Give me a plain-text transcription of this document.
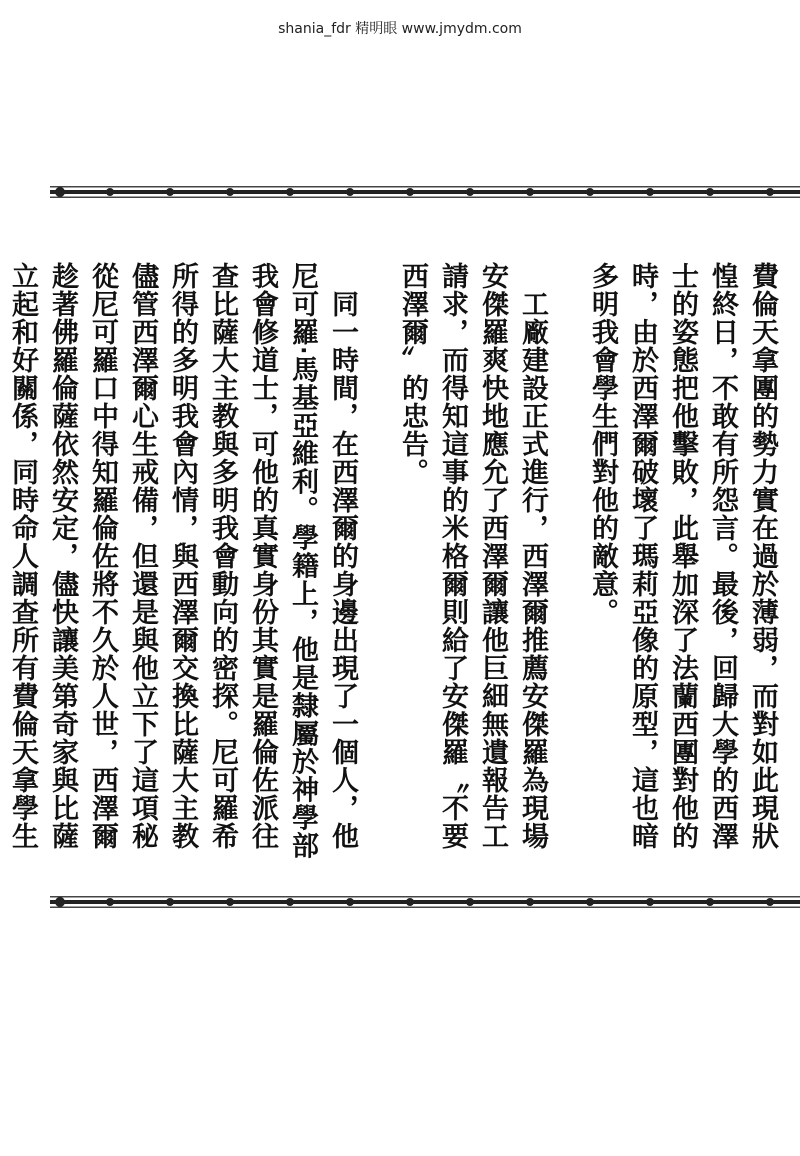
shania_fdr 精明眼 www.jmydm.com
費倫天拿團的勢力實在過於薄弱，而對如此現狀
惶終日，不敢有所怨言。最後，回歸大學的西澤
士的姿態把他擊敗，此舉加深了法蘭西團對他的
時，由於西澤爾破壞了瑪莉亞像的原型，這也暗
多明我會學生們對他的敵意。
　工廠建設正式進行，西澤爾推薦安傑羅為現場
安傑羅爽快地應允了西澤爾讓他巨細無遺報告工
請求，而得知這事的米格爾則給了安傑羅〝不要
西澤爾〞的忠告。
　同一時間，在西澤爾的身邊出現了一個人，他
尼可羅‧馬基亞維利。學籍上，他是隸屬於神學部
我會修道士，可他的真實身份其實是羅倫佐派往
查比薩大主教與多明我會動向的密探。尼可羅希
所得的多明我會內情，與西澤爾交換比薩大主教
儘管西澤爾心生戒備，但還是與他立下了這項秘
從尼可羅口中得知羅倫佐將不久於人世，西澤爾
趁著佛羅倫薩依然安定，儘快讓美第奇家與比薩
立起和好關係，同時命人調查所有費倫天拿學生
